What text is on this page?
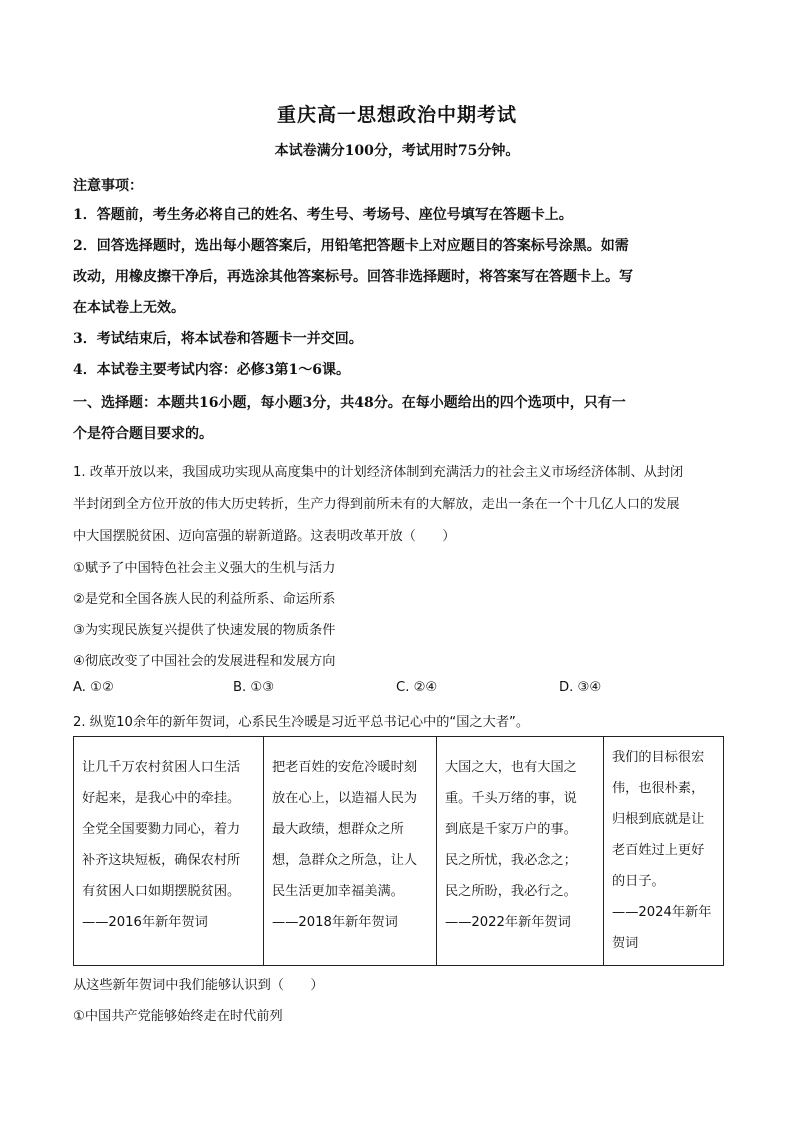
重庆高一思想政治中期考试
本试卷满分100分，考试用时75分钟。
注意事项：
1．答题前，考生务必将自己的姓名、考生号、考场号、座位号填写在答题卡上。
2．回答选择题时，选出每小题答案后，用铅笔把答题卡上对应题目的答案标号涂黑。如需
改动，用橡皮擦干净后，再选涂其他答案标号。回答非选择题时，将答案写在答题卡上。写
在本试卷上无效。
3．考试结束后，将本试卷和答题卡一并交回。
4．本试卷主要考试内容：必修3第1～6课。
一、选择题：本题共16小题，每小题3分，共48分。在每小题给出的四个选项中，只有一
个是符合题目要求的。
1. 改革开放以来，我国成功实现从高度集中的计划经济体制到充满活力的社会主义市场经济体制、从封闭
半封闭到全方位开放的伟大历史转折，生产力得到前所未有的大解放，走出一条在一个十几亿人口的发展
中大国摆脱贫困、迈向富强的崭新道路。这表明改革开放（　　）
①赋予了中国特色社会主义强大的生机与活力
②是党和全国各族人民的利益所系、命运所系
③为实现民族复兴提供了快速发展的物质条件
④彻底改变了中国社会的发展进程和发展方向
A. ①②	B. ①③	C. ②④	D. ③④
2. 纵览10余年的新年贺词，心系民生冷暖是习近平总书记心中的“国之大者”。
让几千万农村贫困人口生活
好起来，是我心中的牵挂。
全党全国要勠力同心，着力
补齐这块短板，确保农村所
有贫困人口如期摆脱贫困。
——2016年新年贺词

把老百姓的安危冷暖时刻
放在心上，以造福人民为
最大政绩，想群众之所
想，急群众之所急，让人
民生活更加幸福美满。
——2018年新年贺词

大国之大，也有大国之
重。千头万绪的事，说
到底是千家万户的事。
民之所忧，我必念之；
民之所盼，我必行之。
——2022年新年贺词

我们的目标很宏
伟，也很朴素，
归根到底就是让
老百姓过上更好
的日子。
——2024年新年
贺词
从这些新年贺词中我们能够认识到（　　）
①中国共产党能够始终走在时代前列
